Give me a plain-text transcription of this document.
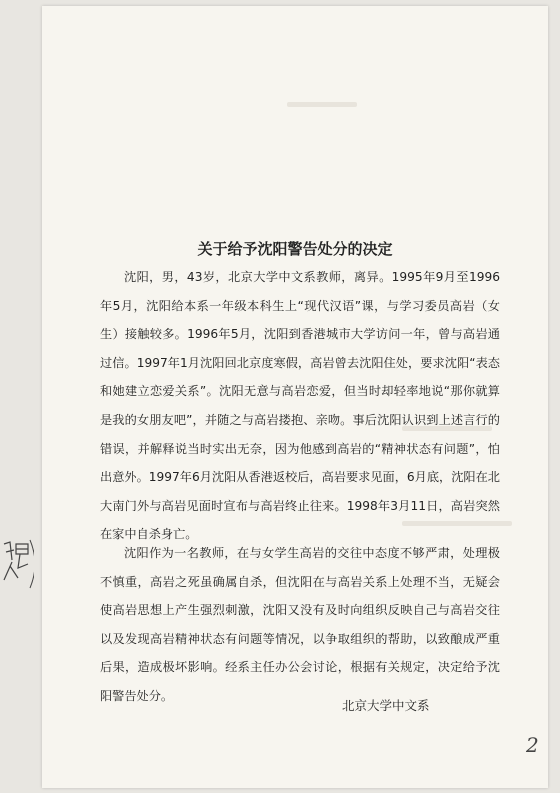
关于给予沈阳警告处分的决定

沈阳，男，43岁，北京大学中文系教师，离异。1995年9月至1996年5月，沈阳给本系一年级本科生上“现代汉语”课，与学习委员高岩（女生）接触较多。1996年5月，沈阳到香港城市大学访问一年，曾与高岩通过信。1997年1月沈阳回北京度寒假，高岩曾去沈阳住处，要求沈阳“表态和她建立恋爱关系”。沈阳无意与高岩恋爱，但当时却轻率地说“那你就算是我的女朋友吧”，并随之与高岩搂抱、亲吻。事后沈阳认识到上述言行的错误，并解释说当时实出无奈，因为他感到高岩的“精神状态有问题”，怕出意外。1997年6月沈阳从香港返校后，高岩要求见面，6月底，沈阳在北大南门外与高岩见面时宣布与高岩终止往来。1998年3月11日，高岩突然在家中自杀身亡。

沈阳作为一名教师，在与女学生高岩的交往中态度不够严肃，处理极不慎重，高岩之死虽确属自杀，但沈阳在与高岩关系上处理不当，无疑会使高岩思想上产生强烈刺激，沈阳又没有及时向组织反映自己与高岩交往以及发现高岩精神状态有问题等情况，以争取组织的帮助，以致酿成严重后果，造成极坏影响。经系主任办公会讨论，根据有关规定，决定给予沈阳警告处分。

北京大学中文系
2
